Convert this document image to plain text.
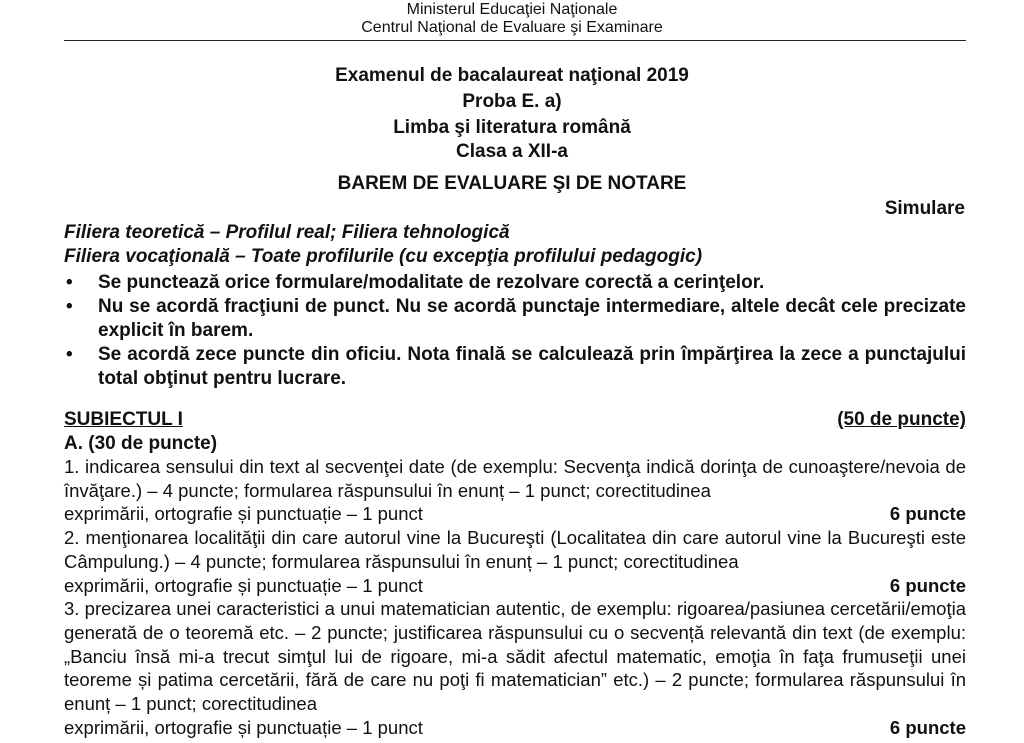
Ministerul Educaţiei Naţionale
Centrul Naţional de Evaluare şi Examinare
Examenul de bacalaureat naţional 2019
Proba E. a)
Limba şi literatura română
Clasa a XII-a
BAREM DE EVALUARE ŞI DE NOTARE
Simulare
Filiera teoretică – Profilul real; Filiera tehnologică
Filiera vocaţională – Toate profilurile (cu excepţia profilului pedagogic)

• Se punctează orice formulare/modalitate de rezolvare corectă a cerinţelor.

• Nu se acordă fracţiuni de punct. Nu se acordă punctaje intermediare, altele decât cele precizate explicit în barem.

• Se acordă zece puncte din oficiu. Nota finală se calculează prin împărţirea la zece a punctajului total obţinut pentru lucrare.

SUBIECTUL I	(50 de puncte)
A. (30 de puncte)

1. indicarea sensului din text al secvenţei date (de exemplu: Secvenţa indică dorinţa de cunoaştere/nevoia de învăţare.) – 4 puncte; formularea răspunsului în enunț – 1 punct; corectitudinea

exprimării, ortografie și punctuație – 1 punct	6 puncte

2. menţionarea localităţii din care autorul vine la Bucureşti (Localitatea din care autorul vine la Bucureşti este Câmpulung.) – 4 puncte; formularea răspunsului în enunț – 1 punct; corectitudinea

exprimării, ortografie și punctuație – 1 punct	6 puncte

3. precizarea unei caracteristici a unui matematician autentic, de exemplu: rigoarea/pasiunea cercetării/emoţia generată de o teoremă etc. – 2 puncte; justificarea răspunsului cu o secvență relevantă din text (de exemplu: „Banciu însă mi-a trecut simţul lui de rigoare, mi-a sădit afectul matematic, emoţia în faţa frumuseţii unei teoreme și patima cercetării, fără de care nu poţi fi matematician” etc.) – 2 puncte; formularea răspunsului în enunț – 1 punct; corectitudinea

exprimării, ortografie și punctuație – 1 punct	6 puncte
